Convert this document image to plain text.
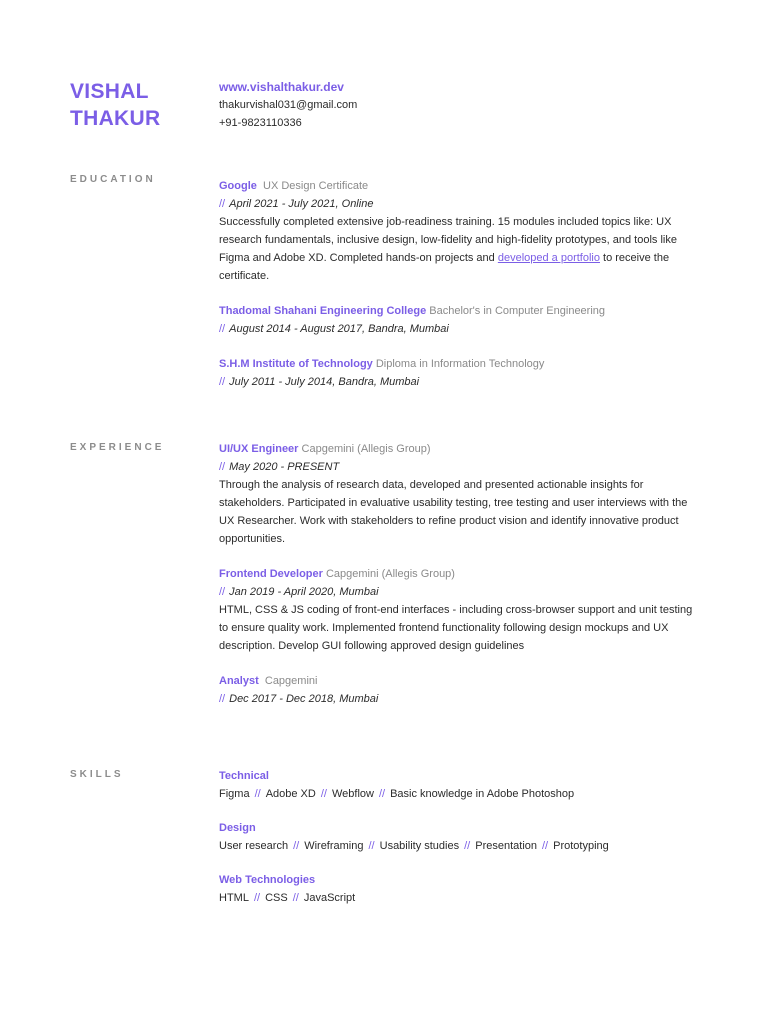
VISHAL
THAKUR
www.vishalthakur.dev
thakurvishal031@gmail.com
+91-9823110336
EDUCATION
Google UX Design Certificate
// April 2021 - July 2021, Online
Successfully completed extensive job-readiness training. 15 modules included topics like: UX research fundamentals, inclusive design, low-fidelity and high-fidelity prototypes, and tools like Figma and Adobe XD. Completed hands-on projects and developed a portfolio to receive the certificate.
Thadomal Shahani Engineering College Bachelor's in Computer Engineering
// August 2014 - August 2017, Bandra, Mumbai
S.H.M Institute of Technology Diploma in Information Technology
// July 2011 - July 2014, Bandra, Mumbai
EXPERIENCE	UI/UX Engineer Capgemini (Allegis Group)
// May 2020 - PRESENT
Through the analysis of research data, developed and presented actionable insights for stakeholders. Participated in evaluative usability testing, tree testing and user interviews with the UX Researcher. Work with stakeholders to refine product vision and identify innovative product opportunities.
Frontend Developer Capgemini (Allegis Group)
// Jan 2019 - April 2020, Mumbai
HTML, CSS & JS coding of front-end interfaces - including cross-browser support and unit testing to ensure quality work. Implemented frontend functionality following design mockups and UX description. Develop GUI following approved design guidelines
Analyst Capgemini
// Dec 2017 - Dec 2018, Mumbai
SKILLS	Technical
Figma // Adobe XD // Webflow // Basic knowledge in Adobe Photoshop
Design
User research // Wireframing // Usability studies // Presentation // Prototyping
Web Technologies
HTML // CSS // JavaScript
